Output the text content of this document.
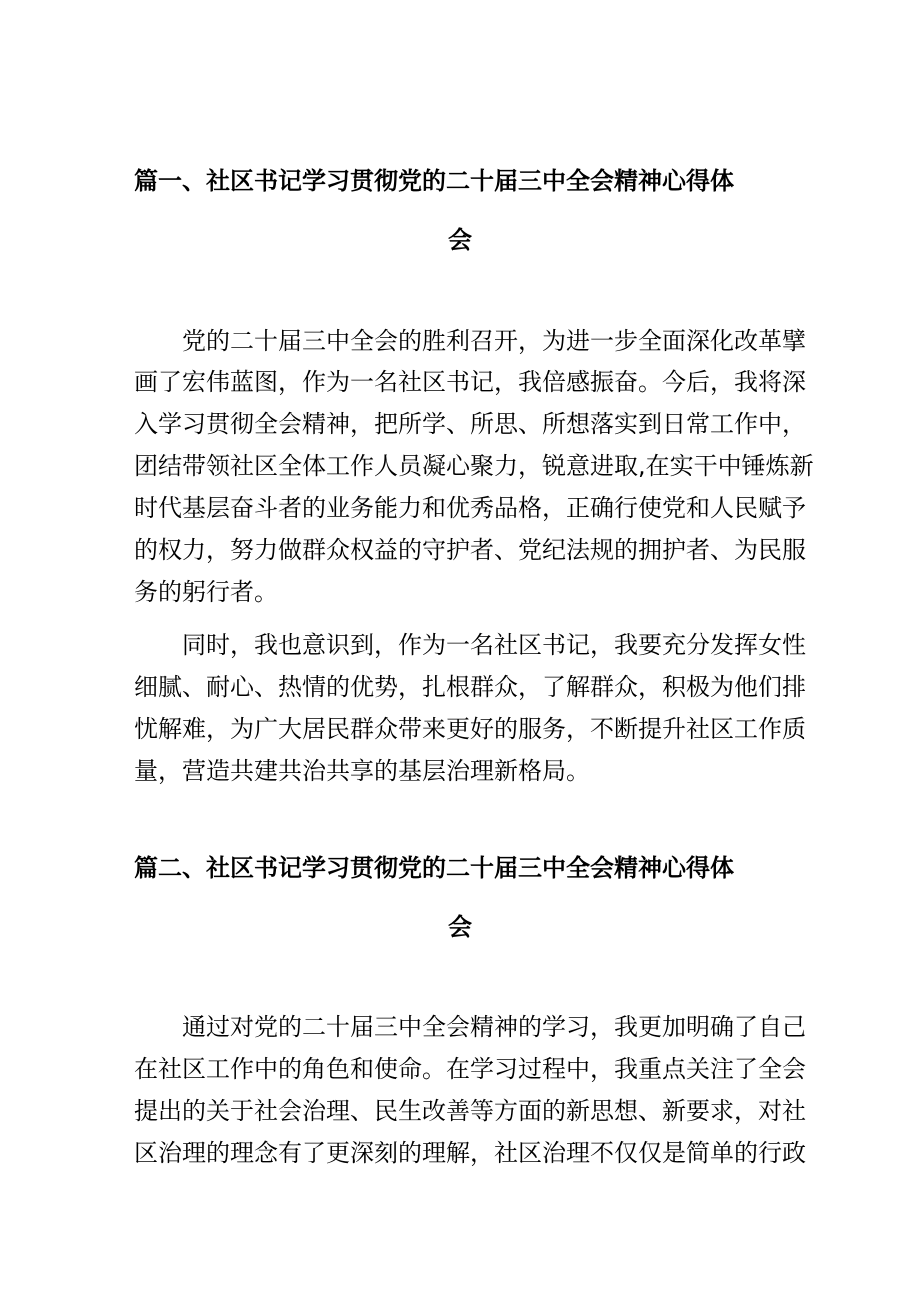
篇一、社区书记学习贯彻党的二十届三中全会精神心得体
会
党的二十届三中全会的胜利召开，为进一步全面深化改革擘
画了宏伟蓝图，作为一名社区书记，我倍感振奋。今后，我将深
入学习贯彻全会精神，把所学、所思、所想落实到日常工作中，
团结带领社区全体工作人员凝心聚力，锐意进取,在实干中锤炼新
时代基层奋斗者的业务能力和优秀品格，正确行使党和人民赋予
的权力，努力做群众权益的守护者、党纪法规的拥护者、为民服
务的躬行者。
同时，我也意识到，作为一名社区书记，我要充分发挥女性
细腻、耐心、热情的优势，扎根群众，了解群众，积极为他们排
忧解难，为广大居民群众带来更好的服务，不断提升社区工作质
量，营造共建共治共享的基层治理新格局。
篇二、社区书记学习贯彻党的二十届三中全会精神心得体
会
通过对党的二十届三中全会精神的学习，我更加明确了自己
在社区工作中的角色和使命。在学习过程中，我重点关注了全会
提出的关于社会治理、民生改善等方面的新思想、新要求，对社
区治理的理念有了更深刻的理解，社区治理不仅仅是简单的行政
